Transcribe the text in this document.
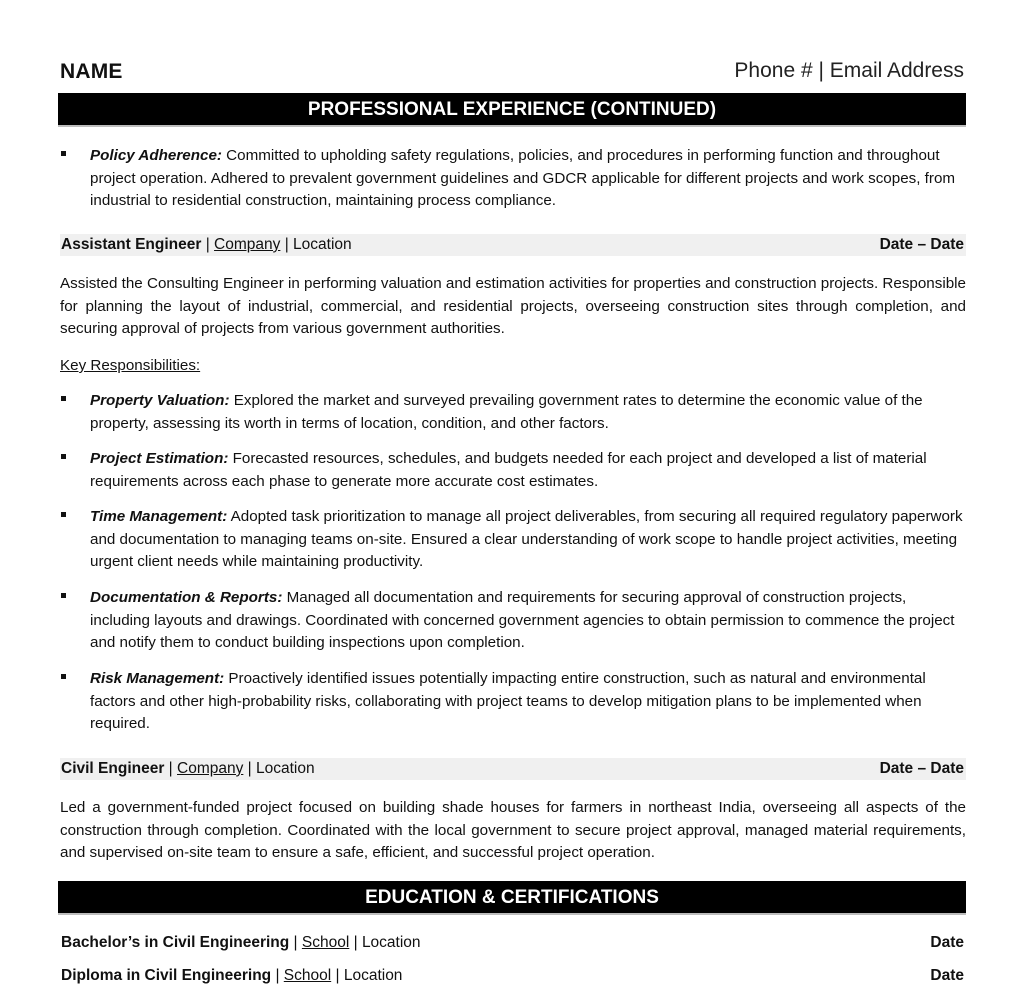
NAME	Phone # | Email Address
PROFESSIONAL EXPERIENCE (CONTINUED)
Policy Adherence: Committed to upholding safety regulations, policies, and procedures in performing function and throughout project operation. Adhered to prevalent government guidelines and GDCR applicable for different projects and work scopes, from industrial to residential construction, maintaining process compliance.
Assistant Engineer | Company | Location	Date – Date
Assisted the Consulting Engineer in performing valuation and estimation activities for properties and construction projects. Responsible for planning the layout of industrial, commercial, and residential projects, overseeing construction sites through completion, and securing approval of projects from various government authorities.
Key Responsibilities:
Property Valuation: Explored the market and surveyed prevailing government rates to determine the economic value of the property, assessing its worth in terms of location, condition, and other factors.
Project Estimation: Forecasted resources, schedules, and budgets needed for each project and developed a list of material requirements across each phase to generate more accurate cost estimates.
Time Management: Adopted task prioritization to manage all project deliverables, from securing all required regulatory paperwork and documentation to managing teams on-site. Ensured a clear understanding of work scope to handle project activities, meeting urgent client needs while maintaining productivity.
Documentation & Reports: Managed all documentation and requirements for securing approval of construction projects, including layouts and drawings. Coordinated with concerned government agencies to obtain permission to commence the project and notify them to conduct building inspections upon completion.
Risk Management: Proactively identified issues potentially impacting entire construction, such as natural and environmental factors and other high-probability risks, collaborating with project teams to develop mitigation plans to be implemented when required.
Civil Engineer | Company | Location	Date – Date
Led a government-funded project focused on building shade houses for farmers in northeast India, overseeing all aspects of the construction through completion. Coordinated with the local government to secure project approval, managed material requirements, and supervised on-site team to ensure a safe, efficient, and successful project operation.
EDUCATION & CERTIFICATIONS
Bachelor’s in Civil Engineering | School | Location	Date
Diploma in Civil Engineering | School | Location	Date
